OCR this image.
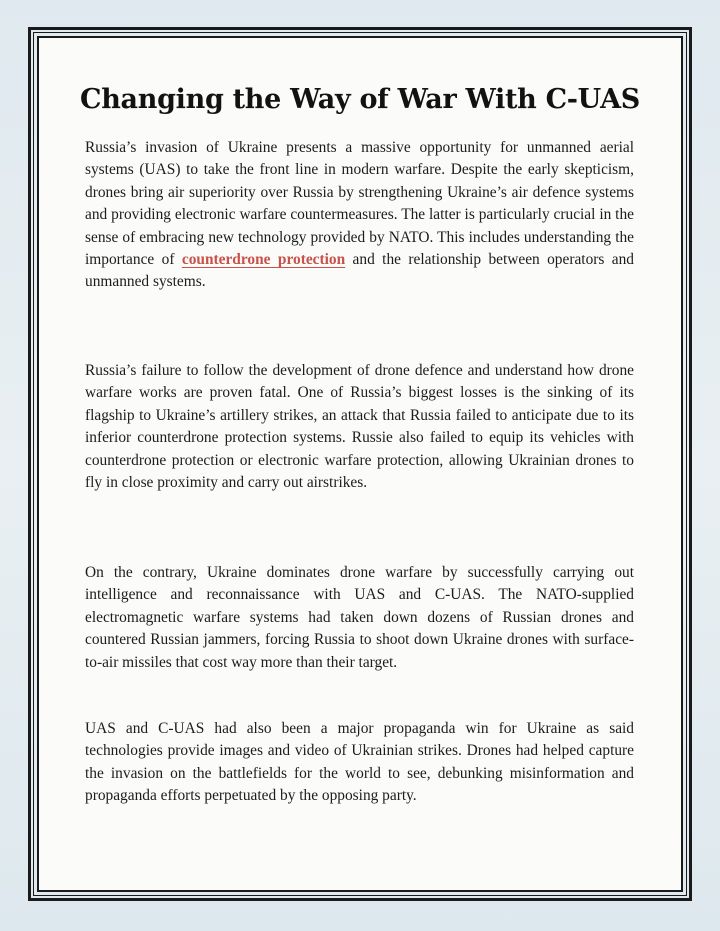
Changing the Way of War With C-UAS

Russia’s invasion of Ukraine presents a massive opportunity for unmanned aerial systems (UAS) to take the front line in modern warfare. Despite the early skepticism, drones bring air superiority over Russia by strengthening Ukraine’s air defence systems and providing electronic warfare countermeasures. The latter is particularly crucial in the sense of embracing new technology provided by NATO. This includes understanding the importance of counterdrone protection and the relationship between operators and unmanned systems.

Russia’s failure to follow the development of drone defence and understand how drone warfare works are proven fatal. One of Russia’s biggest losses is the sinking of its flagship to Ukraine’s artillery strikes, an attack that Russia failed to anticipate due to its inferior counterdrone protection systems. Russie also failed to equip its vehicles with counterdrone protection or electronic warfare protection, allowing Ukrainian drones to fly in close proximity and carry out airstrikes.

On the contrary, Ukraine dominates drone warfare by successfully carrying out intelligence and reconnaissance with UAS and C-UAS. The NATO-supplied electromagnetic warfare systems had taken down dozens of Russian drones and countered Russian jammers, forcing Russia to shoot down Ukraine drones with surface-to-air missiles that cost way more than their target.

UAS and C-UAS had also been a major propaganda win for Ukraine as said technologies provide images and video of Ukrainian strikes. Drones had helped capture the invasion on the battlefields for the world to see, debunking misinformation and propaganda efforts perpetuated by the opposing party.
